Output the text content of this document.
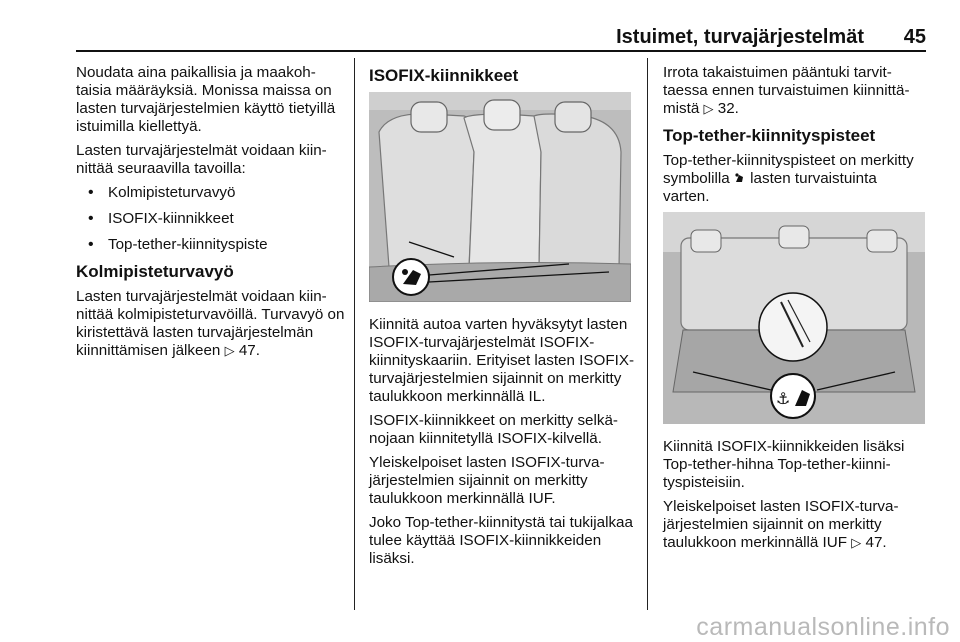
Istuimet, turvajärjestelmät 45

Noudata aina paikallisia ja maakohtaisia määräyksiä. Monissa maissa on lasten turvajärjestelmien käyttö tietyillä istuimilla kiellettyä.

Lasten turvajärjestelmät voidaan kiinnittää seuraavilla tavoilla:

• Kolmipisteturvavyö
• ISOFIX-kiinnikkeet
• Top-tether-kiinnityspiste
Kolmipisteturvavyö

Lasten turvajärjestelmät voidaan kiinnittää kolmipisteturvavöillä. Turvavyö on kiristettävä lasten turvajärjestelmän kiinnittämisen jälkeen ▷ 47.

ISOFIX-kiinnikkeet

Kiinnitä autoa varten hyväksytyt lasten ISOFIX-turvajärjestelmät ISOFIX-kiinnityskaariin. Erityiset lasten ISOFIX-turvajärjestelmien sijainnit on merkitty taulukkoon merkinnällä IL.

ISOFIX-kiinnikkeet on merkitty selkänojaan kiinnitetyllä ISOFIX-kilvellä.

Yleiskelpoiset lasten ISOFIX-turvajärjestelmien sijainnit on merkitty taulukkoon merkinnällä IUF.

Joko Top-tether-kiinnitystä tai tukijalkaa tulee käyttää ISOFIX-kiinnikkeiden lisäksi.

Irrota takaistuimen pääntuki tarvittaessa ennen turvaistuimen kiinnittämistä ▷ 32.

Top-tether-kiinnityspisteet

Top-tether-kiinnityspisteet on merkitty symbolilla lasten turvaistuinta varten.

⚓

Kiinnitä ISOFIX-kiinnikkeiden lisäksi Top-tether-hihna Top-tether-kiinnityspisteisiin.

Yleiskelpoiset lasten ISOFIX-turvajärjestelmien sijainnit on merkitty taulukkoon merkinnällä IUF ▷ 47.

carmanualsonline.info
